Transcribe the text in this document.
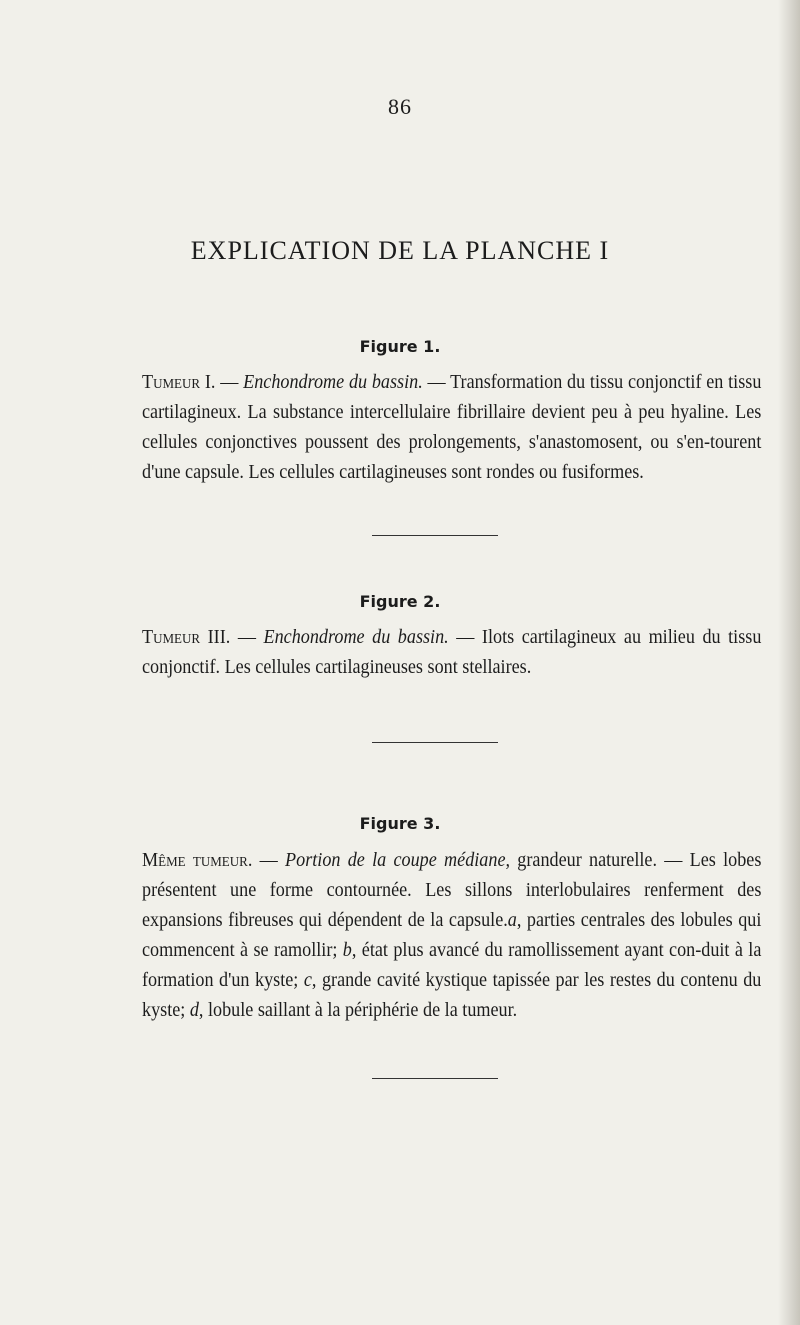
86
EXPLICATION DE LA PLANCHE I
Figure 1.
Tumeur I. — Enchondrome du bassin. — Transformation du tissu conjonctif en tissu cartilagineux. La substance intercellulaire fibrillaire devient peu à peu hyaline. Les cellules conjonctives poussent des prolongements, s'anastomosent, ou s'en-tourent d'une capsule. Les cellules cartilagineuses sont rondes ou fusiformes.
Figure 2.
Tumeur III. — Enchondrome du bassin. — Ilots cartilagineux au milieu du tissu conjonctif. Les cellules cartilagineuses sont stellaires.
Figure 3.
Même tumeur. — Portion de la coupe médiane, grandeur naturelle. — Les lobes présentent une forme contournée. Les sillons interlobulaires renferment des expansions fibreuses qui dépendent de la capsule.a, parties centrales des lobules qui commencent à se ramollir; b, état plus avancé du ramollissement ayant con-duit à la formation d'un kyste; c, grande cavité kystique tapissée par les restes du contenu du kyste; d, lobule saillant à la périphérie de la tumeur.
